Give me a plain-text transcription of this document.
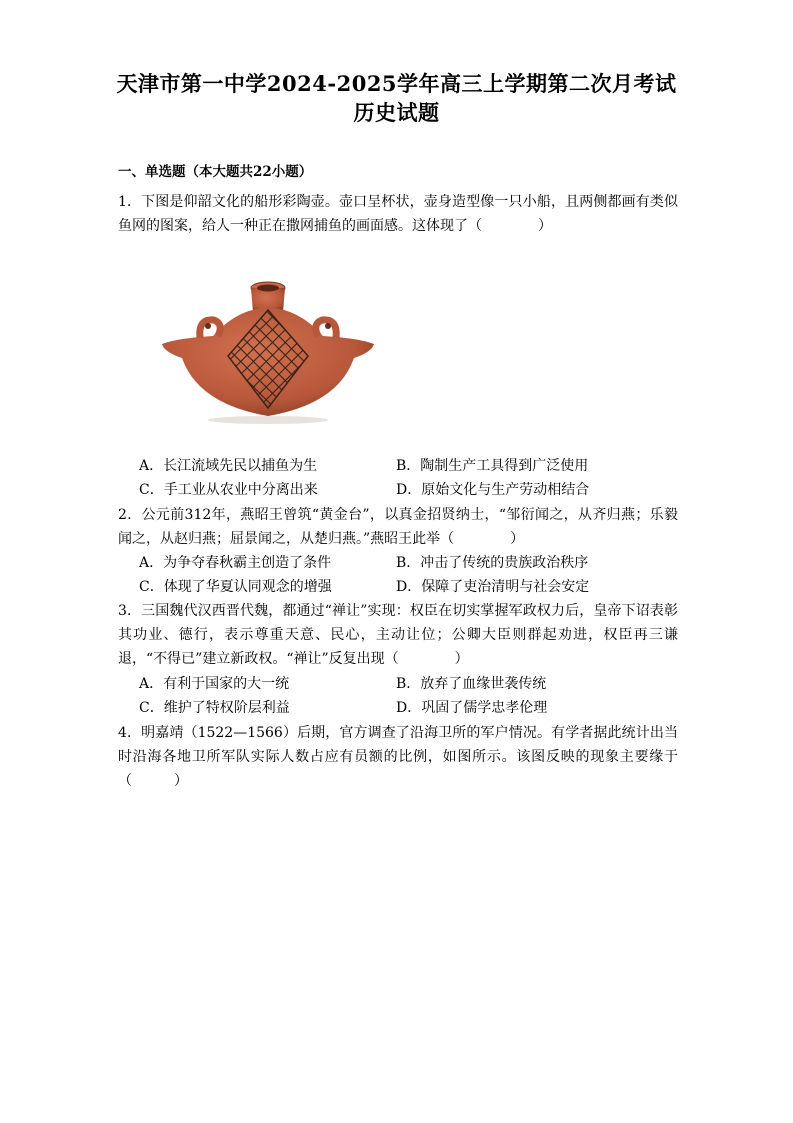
天津市第一中学2024-2025学年高三上学期第二次月考试
历史试题
一、单选题（本大题共22小题）
1．下图是仰韶文化的船形彩陶壶。壶口呈杯状，壶身造型像一只小船，且两侧都画有类似鱼网的图案，给人一种正在撒网捕鱼的画面感。这体现了（　　　　）
A．长江流域先民以捕鱼为生	B．陶制生产工具得到广泛使用
C．手工业从农业中分离出来	D．原始文化与生产劳动相结合
2．公元前312年，燕昭王曾筑“黄金台”，以真金招贤纳士，“邹衍闻之，从齐归燕；乐毅闻之，从赵归燕；屈景闻之，从楚归燕。”燕昭王此举（　　　　）
A．为争夺春秋霸主创造了条件	B．冲击了传统的贵族政治秩序
C．体现了华夏认同观念的增强	D．保障了吏治清明与社会安定
3．三国魏代汉西晋代魏，都通过“禅让”实现：权臣在切实掌握军政权力后，皇帝下诏表彰其功业、德行，表示尊重天意、民心，主动让位；公卿大臣则群起劝进，权臣再三谦退，“不得已”建立新政权。“禅让”反复出现（　　　　）
A．有利于国家的大一统	B．放弃了血缘世袭传统
C．维护了特权阶层利益	D．巩固了儒学忠孝伦理
4．明嘉靖（1522—1566）后期，官方调查了沿海卫所的军户情况。有学者据此统计出当时沿海各地卫所军队实际人数占应有员额的比例，如图所示。该图反映的现象主要缘于（　　　）
